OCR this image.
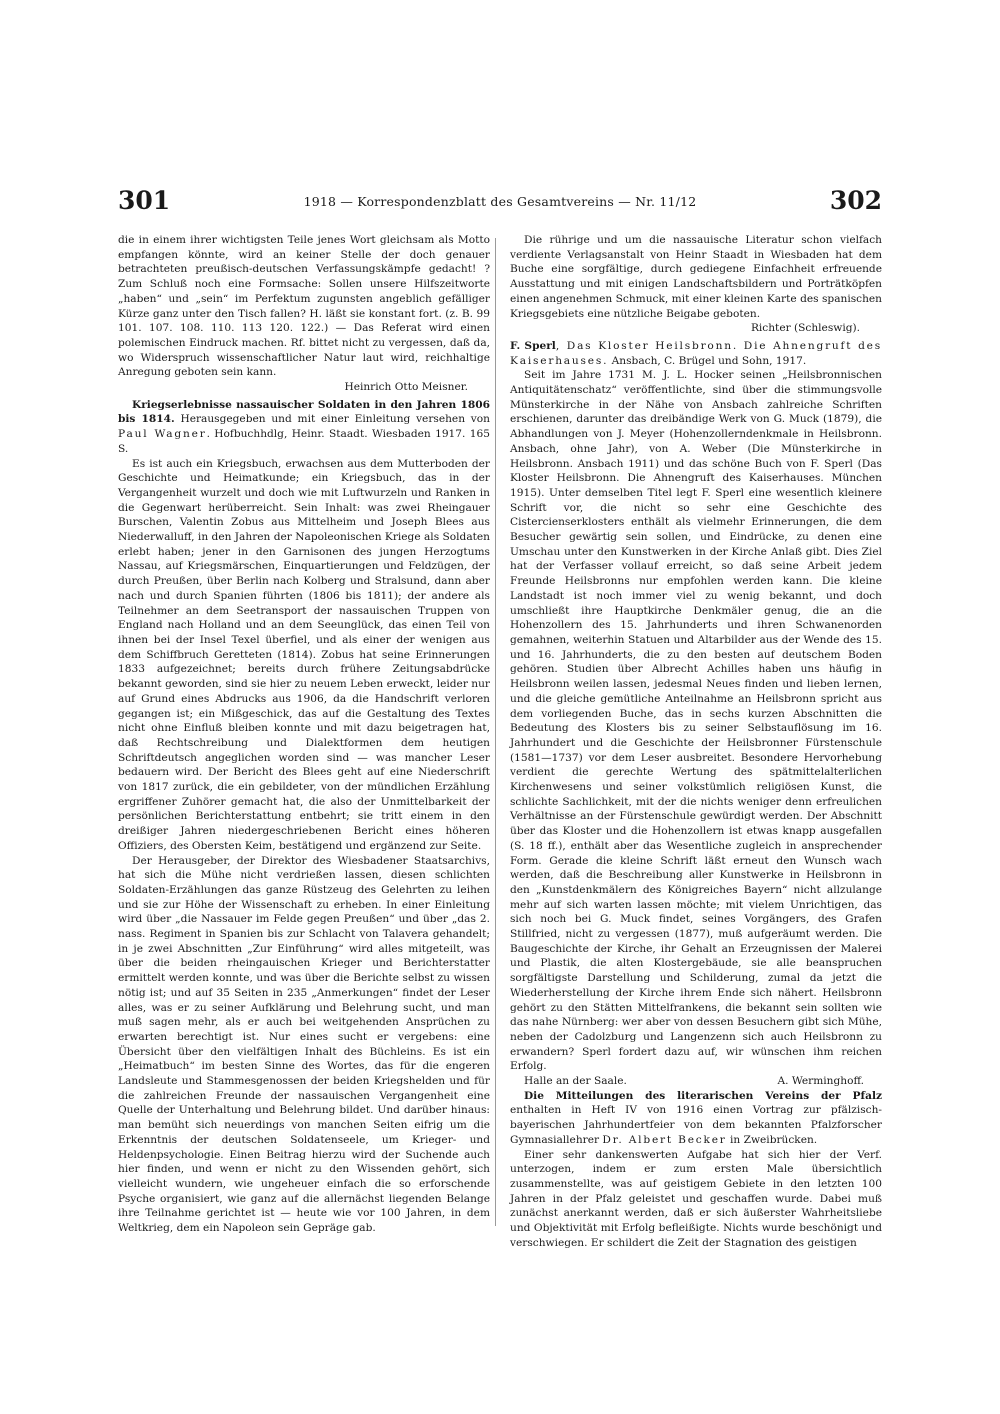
301	1918 — Korrespondenzblatt des Gesamtvereins — Nr. 11/12	302

die in einem ihrer wichtigsten Teile jenes Wort gleichsam als Motto empfangen könnte, wird an keiner Stelle der doch genauer betrachteten preußisch-deutschen Verfassungskämpfe gedacht! ? Zum Schluß noch eine Formsache: Sollen unsere Hilfszeitworte „haben“ und „sein“ im Perfektum zugunsten angeblich gefälliger Kürze ganz unter den Tisch fallen? H. läßt sie konstant fort. (z. B. 99 101. 107. 108. 110. 113 120. 122.) — Das Referat wird einen polemischen Eindruck machen. Rf. bittet nicht zu vergessen, daß da, wo Widerspruch wissenschaftlicher Natur laut wird, reichhaltige Anregung geboten sein kann.

Heinrich Otto Meisner.

Kriegserlebnisse nassauischer Soldaten in den Jahren 1806 bis 1814. Herausgegeben und mit einer Einleitung versehen von Paul Wagner. Hofbuchhdlg, Heinr. Staadt. Wiesbaden 1917. 165 S.

Es ist auch ein Kriegsbuch, erwachsen aus dem Mutterboden der Geschichte und Heimatkunde; ein Kriegsbuch, das in der Vergangenheit wurzelt und doch wie mit Luftwurzeln und Ranken in die Gegenwart herüberreicht. Sein Inhalt: was zwei Rheingauer Burschen, Valentin Zobus aus Mittelheim und Joseph Blees aus Niederwalluff, in den Jahren der Napoleonischen Kriege als Soldaten erlebt haben; jener in den Garnisonen des jungen Herzogtums Nassau, auf Kriegsmärschen, Einquartierungen und Feldzügen, der durch Preußen, über Berlin nach Kolberg und Stralsund, dann aber nach und durch Spanien führten (1806 bis 1811); der andere als Teilnehmer an dem Seetransport der nassauischen Truppen von England nach Holland und an dem Seeunglück, das einen Teil von ihnen bei der Insel Texel überfiel, und als einer der wenigen aus dem Schiffbruch Geretteten (1814). Zobus hat seine Erinnerungen 1833 aufgezeichnet; bereits durch frühere Zeitungsabdrücke bekannt geworden, sind sie hier zu neuem Leben erweckt, leider nur auf Grund eines Abdrucks aus 1906, da die Handschrift verloren gegangen ist; ein Mißgeschick, das auf die Gestaltung des Textes nicht ohne Einfluß bleiben konnte und mit dazu beigetragen hat, daß Rechtschreibung und Dialektformen dem heutigen Schriftdeutsch angeglichen worden sind — was mancher Leser bedauern wird. Der Bericht des Blees geht auf eine Niederschrift von 1817 zurück, die ein gebildeter, von der mündlichen Erzählung ergriffener Zuhörer gemacht hat, die also der Unmittelbarkeit der persönlichen Berichterstattung entbehrt; sie tritt einem in den dreißiger Jahren niedergeschriebenen Bericht eines höheren Offiziers, des Obersten Keim, bestätigend und ergänzend zur Seite.

Der Herausgeber, der Direktor des Wiesbadener Staatsarchivs, hat sich die Mühe nicht verdrießen lassen, diesen schlichten Soldaten-Erzählungen das ganze Rüstzeug des Gelehrten zu leihen und sie zur Höhe der Wissenschaft zu erheben. In einer Einleitung wird über „die Nassauer im Felde gegen Preußen“ und über „das 2. nass. Regiment in Spanien bis zur Schlacht von Talavera gehandelt; in je zwei Abschnitten „Zur Einführung“ wird alles mitgeteilt, was über die beiden rheingauischen Krieger und Berichterstatter ermittelt werden konnte, und was über die Berichte selbst zu wissen nötig ist; und auf 35 Seiten in 235 „Anmerkungen“ findet der Leser alles, was er zu seiner Aufklärung und Belehrung sucht, und man muß sagen mehr, als er auch bei weitgehenden Ansprüchen zu erwarten berechtigt ist. Nur eines sucht er vergebens: eine Übersicht über den vielfältigen Inhalt des Büchleins. Es ist ein „Heimatbuch“ im besten Sinne des Wortes, das für die engeren Landsleute und Stammesgenossen der beiden Kriegshelden und für die zahlreichen Freunde der nassauischen Vergangenheit eine Quelle der Unterhaltung und Belehrung bildet. Und darüber hinaus: man bemüht sich neuerdings von manchen Seiten eifrig um die Erkenntnis der deutschen Soldatenseele, um Krieger- und Heldenpsychologie. Einen Beitrag hierzu wird der Suchende auch hier finden, und wenn er nicht zu den Wissenden gehört, sich vielleicht wundern, wie ungeheuer einfach die so erforschende Psyche organisiert, wie ganz auf die allernächst liegenden Belange ihre Teilnahme gerichtet ist — heute wie vor 100 Jahren, in dem Weltkrieg, dem ein Napoleon sein Gepräge gab.

Die rührige und um die nassauische Literatur schon vielfach verdiente Verlagsanstalt von Heinr Staadt in Wiesbaden hat dem Buche eine sorgfältige, durch gediegene Einfachheit erfreuende Ausstattung und mit einigen Landschaftsbildern und Porträtköpfen einen angenehmen Schmuck, mit einer kleinen Karte des spanischen Kriegsgebiets eine nützliche Beigabe geboten.

Richter (Schleswig).

F. Sperl, Das Kloster Heilsbronn. Die Ahnengruft des Kaiserhauses. Ansbach, C. Brügel und Sohn, 1917.

Seit im Jahre 1731 M. J. L. Hocker seinen „Heilsbronnischen Antiquitätenschatz“ veröffentlichte, sind über die stimmungsvolle Münsterkirche in der Nähe von Ansbach zahlreiche Schriften erschienen, darunter das dreibändige Werk von G. Muck (1879), die Abhandlungen von J. Meyer (Hohenzollerndenkmale in Heilsbronn. Ansbach, ohne Jahr), von A. Weber (Die Münsterkirche in Heilsbronn. Ansbach 1911) und das schöne Buch von F. Sperl (Das Kloster Heilsbronn. Die Ahnengruft des Kaiserhauses. München 1915). Unter demselben Titel legt F. Sperl eine wesentlich kleinere Schrift vor, die nicht so sehr eine Geschichte des Cistercienserklosters enthält als vielmehr Erinnerungen, die dem Besucher gewärtig sein sollen, und Eindrücke, zu denen eine Umschau unter den Kunstwerken in der Kirche Anlaß gibt. Dies Ziel hat der Verfasser vollauf erreicht, so daß seine Arbeit jedem Freunde Heilsbronns nur empfohlen werden kann. Die kleine Landstadt ist noch immer viel zu wenig bekannt, und doch umschließt ihre Hauptkirche Denkmäler genug, die an die Hohenzollern des 15. Jahrhunderts und ihren Schwanenorden gemahnen, weiterhin Statuen und Altarbilder aus der Wende des 15. und 16. Jahrhunderts, die zu den besten auf deutschem Boden gehören. Studien über Albrecht Achilles haben uns häufig in Heilsbronn weilen lassen, jedesmal Neues finden und lieben lernen, und die gleiche gemütliche Anteilnahme an Heilsbronn spricht aus dem vorliegenden Buche, das in sechs kurzen Abschnitten die Bedeutung des Klosters bis zu seiner Selbstauflösung im 16. Jahrhundert und die Geschichte der Heilsbronner Fürstenschule (1581—1737) vor dem Leser ausbreitet. Besondere Hervorhebung verdient die gerechte Wertung des spätmittelalterlichen Kirchenwesens und seiner volkstümlich religiösen Kunst, die schlichte Sachlichkeit, mit der die nichts weniger denn erfreulichen Verhältnisse an der Fürstenschule gewürdigt werden. Der Abschnitt über das Kloster und die Hohenzollern ist etwas knapp ausgefallen (S. 18 ff.), enthält aber das Wesentliche zugleich in ansprechender Form. Gerade die kleine Schrift läßt erneut den Wunsch wach werden, daß die Beschreibung aller Kunstwerke in Heilsbronn in den „Kunstdenkmälern des Königreiches Bayern“ nicht allzulange mehr auf sich warten lassen möchte; mit vielem Unrichtigen, das sich noch bei G. Muck findet, seines Vorgängers, des Grafen Stillfried, nicht zu vergessen (1877), muß aufgeräumt werden. Die Baugeschichte der Kirche, ihr Gehalt an Erzeugnissen der Malerei und Plastik, die alten Klostergebäude, sie alle beanspruchen sorgfältigste Darstellung und Schilderung, zumal da jetzt die Wiederherstellung der Kirche ihrem Ende sich nähert. Heilsbronn gehört zu den Stätten Mittelfrankens, die bekannt sein sollten wie das nahe Nürnberg: wer aber von dessen Besuchern gibt sich Mühe, neben der Cadolzburg und Langenzenn sich auch Heilsbronn zu erwandern? Sperl fordert dazu auf, wir wünschen ihm reichen Erfolg.

Halle an der Saale.	A. Werminghoff.

Die Mitteilungen des literarischen Vereins der Pfalz enthalten in Heft IV von 1916 einen Vortrag zur pfälzisch-bayerischen Jahrhundertfeier von dem bekannten Pfalzforscher Gymnasiallehrer Dr. Albert Becker in Zweibrücken.

Einer sehr dankenswerten Aufgabe hat sich hier der Verf. unterzogen, indem er zum ersten Male übersichtlich zusammenstellte, was auf geistigem Gebiete in den letzten 100 Jahren in der Pfalz geleistet und geschaffen wurde. Dabei muß zunächst anerkannt werden, daß er sich äußerster Wahrheitsliebe und Objektivität mit Erfolg befleißigte. Nichts wurde beschönigt und verschwiegen. Er schildert die Zeit der Stagnation des geistigen
